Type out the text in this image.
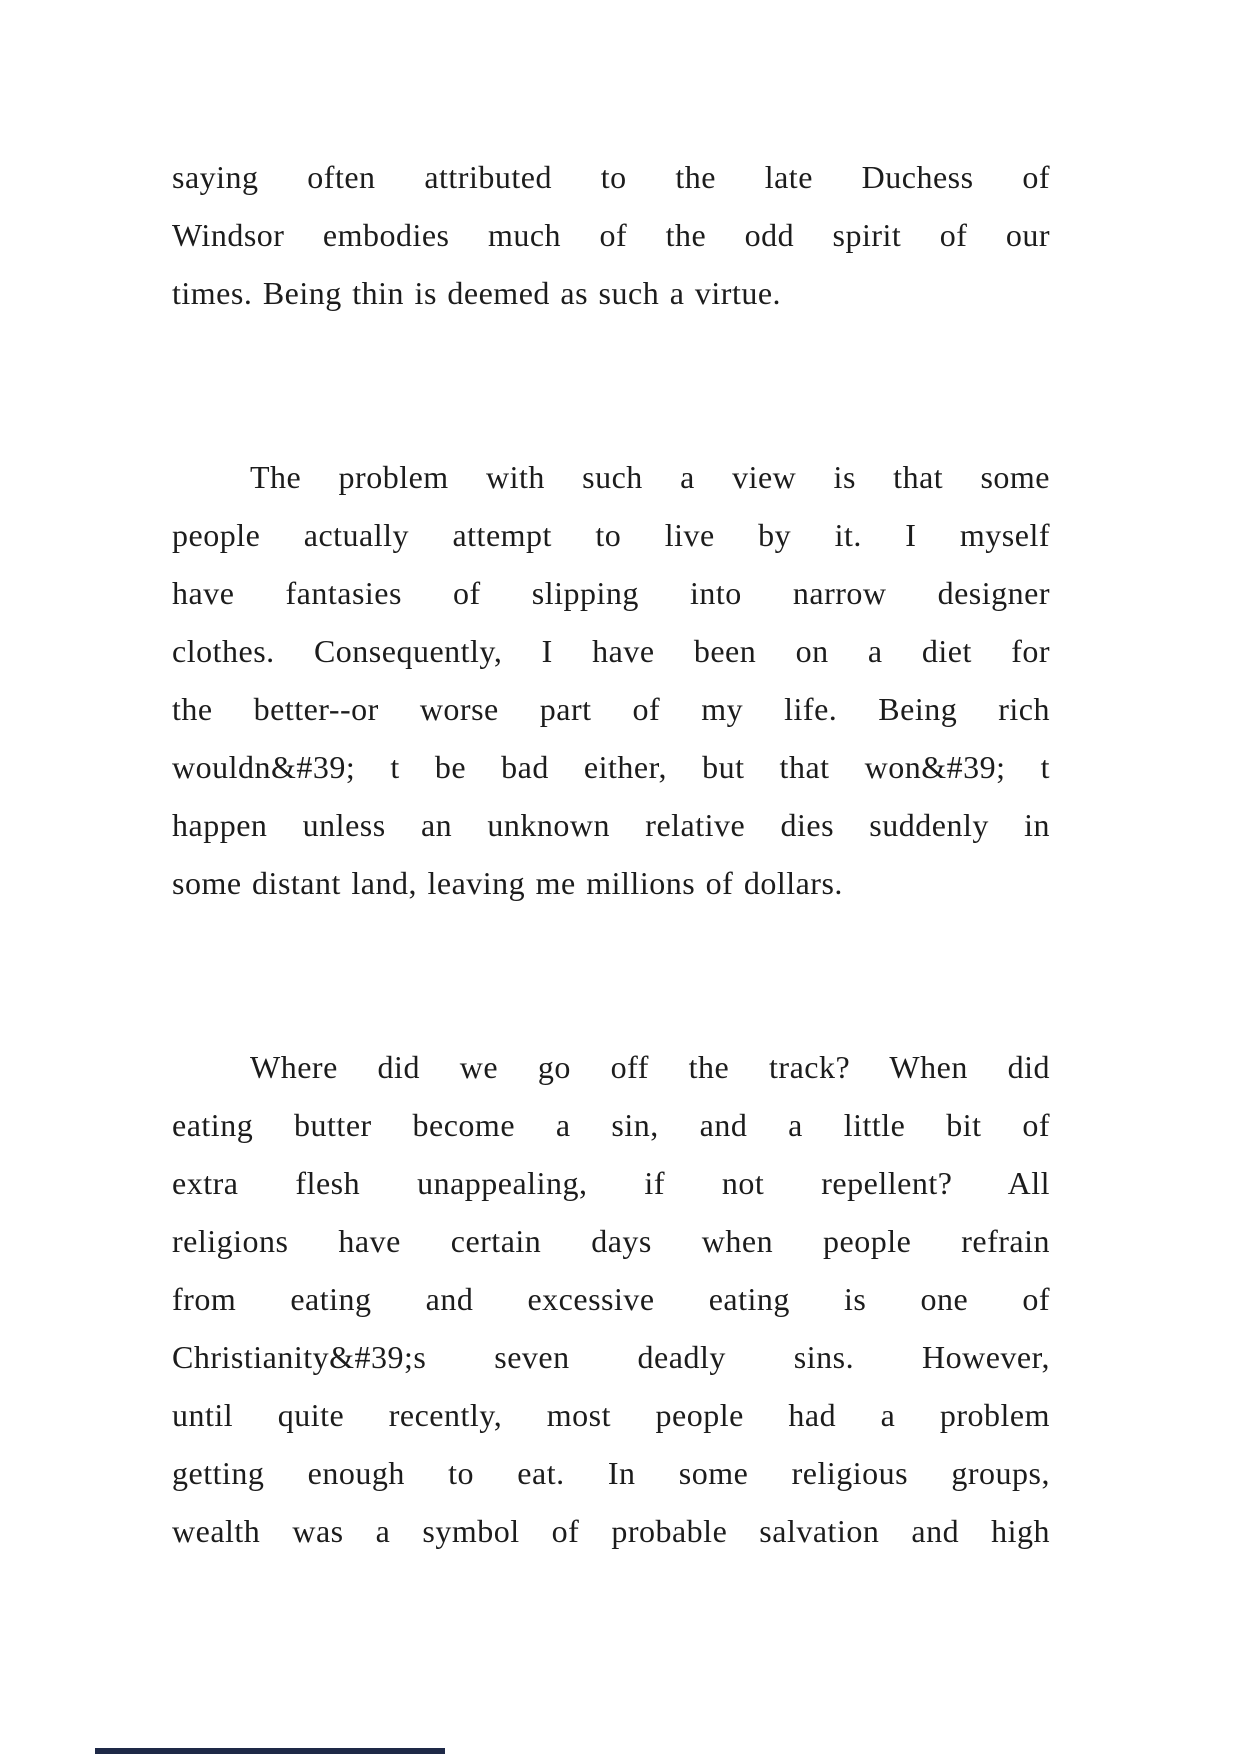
saying often attributed to the late Duchess of
Windsor embodies much of the odd spirit of our
times. Being thin is deemed as such a virtue.
The problem with such a view is that some
people actually attempt to live by it. I myself
have fantasies of slipping into narrow designer
clothes. Consequently, I have been on a diet for
the better--or worse part of my life. Being rich
wouldn&#39; t be bad either, but that won&#39; t
happen unless an unknown relative dies suddenly in
some distant land, leaving me millions of dollars.
Where did we go off the track? When did
eating butter become a sin, and a little bit of
extra flesh unappealing, if not repellent? All
religions have certain days when people refrain
from eating and excessive eating is one of
Christianity&#39;s seven deadly sins. However,
until quite recently, most people had a problem
getting enough to eat. In some religious groups,
wealth was a symbol of probable salvation and high
